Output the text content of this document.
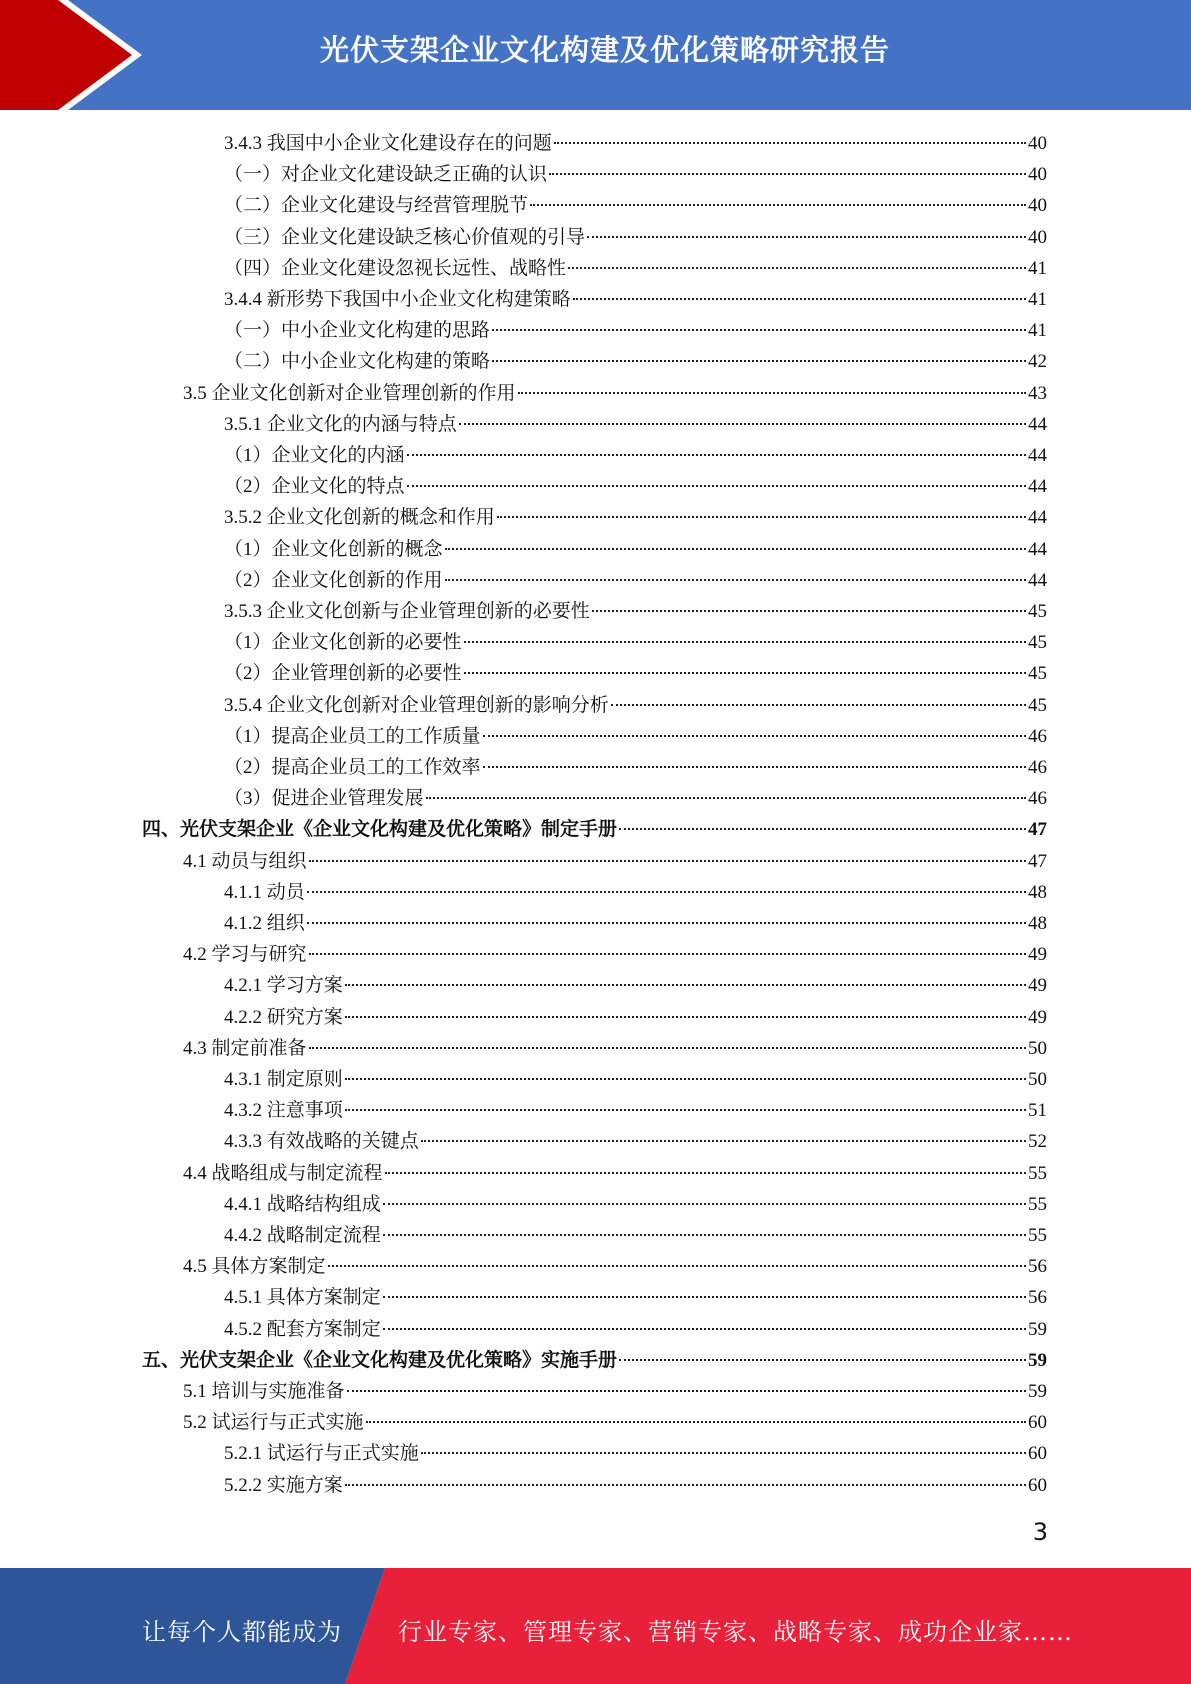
光伏支架企业文化构建及优化策略研究报告
3.4.3 我国中小企业文化建设存在的问题	40
（一）对企业文化建设缺乏正确的认识	40
（二）企业文化建设与经营管理脱节	40
（三）企业文化建设缺乏核心价值观的引导	40
（四）企业文化建设忽视长远性、战略性	41
3.4.4 新形势下我国中小企业文化构建策略	41
（一）中小企业文化构建的思路	41
（二）中小企业文化构建的策略	42
3.5 企业文化创新对企业管理创新的作用	43
3.5.1 企业文化的内涵与特点	44
（1）企业文化的内涵	44
（2）企业文化的特点	44
3.5.2 企业文化创新的概念和作用	44
（1）企业文化创新的概念	44
（2）企业文化创新的作用	44
3.5.3 企业文化创新与企业管理创新的必要性	45
（1）企业文化创新的必要性	45
（2）企业管理创新的必要性	45
3.5.4 企业文化创新对企业管理创新的影响分析	45
（1）提高企业员工的工作质量	46
（2）提高企业员工的工作效率	46
（3）促进企业管理发展	46
四、光伏支架企业《企业文化构建及优化策略》制定手册	47
4.1 动员与组织	47
4.1.1 动员	48
4.1.2 组织	48
4.2 学习与研究	49
4.2.1 学习方案	49
4.2.2 研究方案	49
4.3 制定前准备	50
4.3.1 制定原则	50
4.3.2 注意事项	51
4.3.3 有效战略的关键点	52
4.4 战略组成与制定流程	55
4.4.1 战略结构组成	55
4.4.2 战略制定流程	55
4.5 具体方案制定	56
4.5.1 具体方案制定	56
4.5.2 配套方案制定	59
五、光伏支架企业《企业文化构建及优化策略》实施手册	59
5.1 培训与实施准备	59
5.2 试运行与正式实施	60
5.2.1 试运行与正式实施	60
5.2.2 实施方案	60
3
让每个人都能成为 行业专家、管理专家、营销专家、战略专家、成功企业家……
